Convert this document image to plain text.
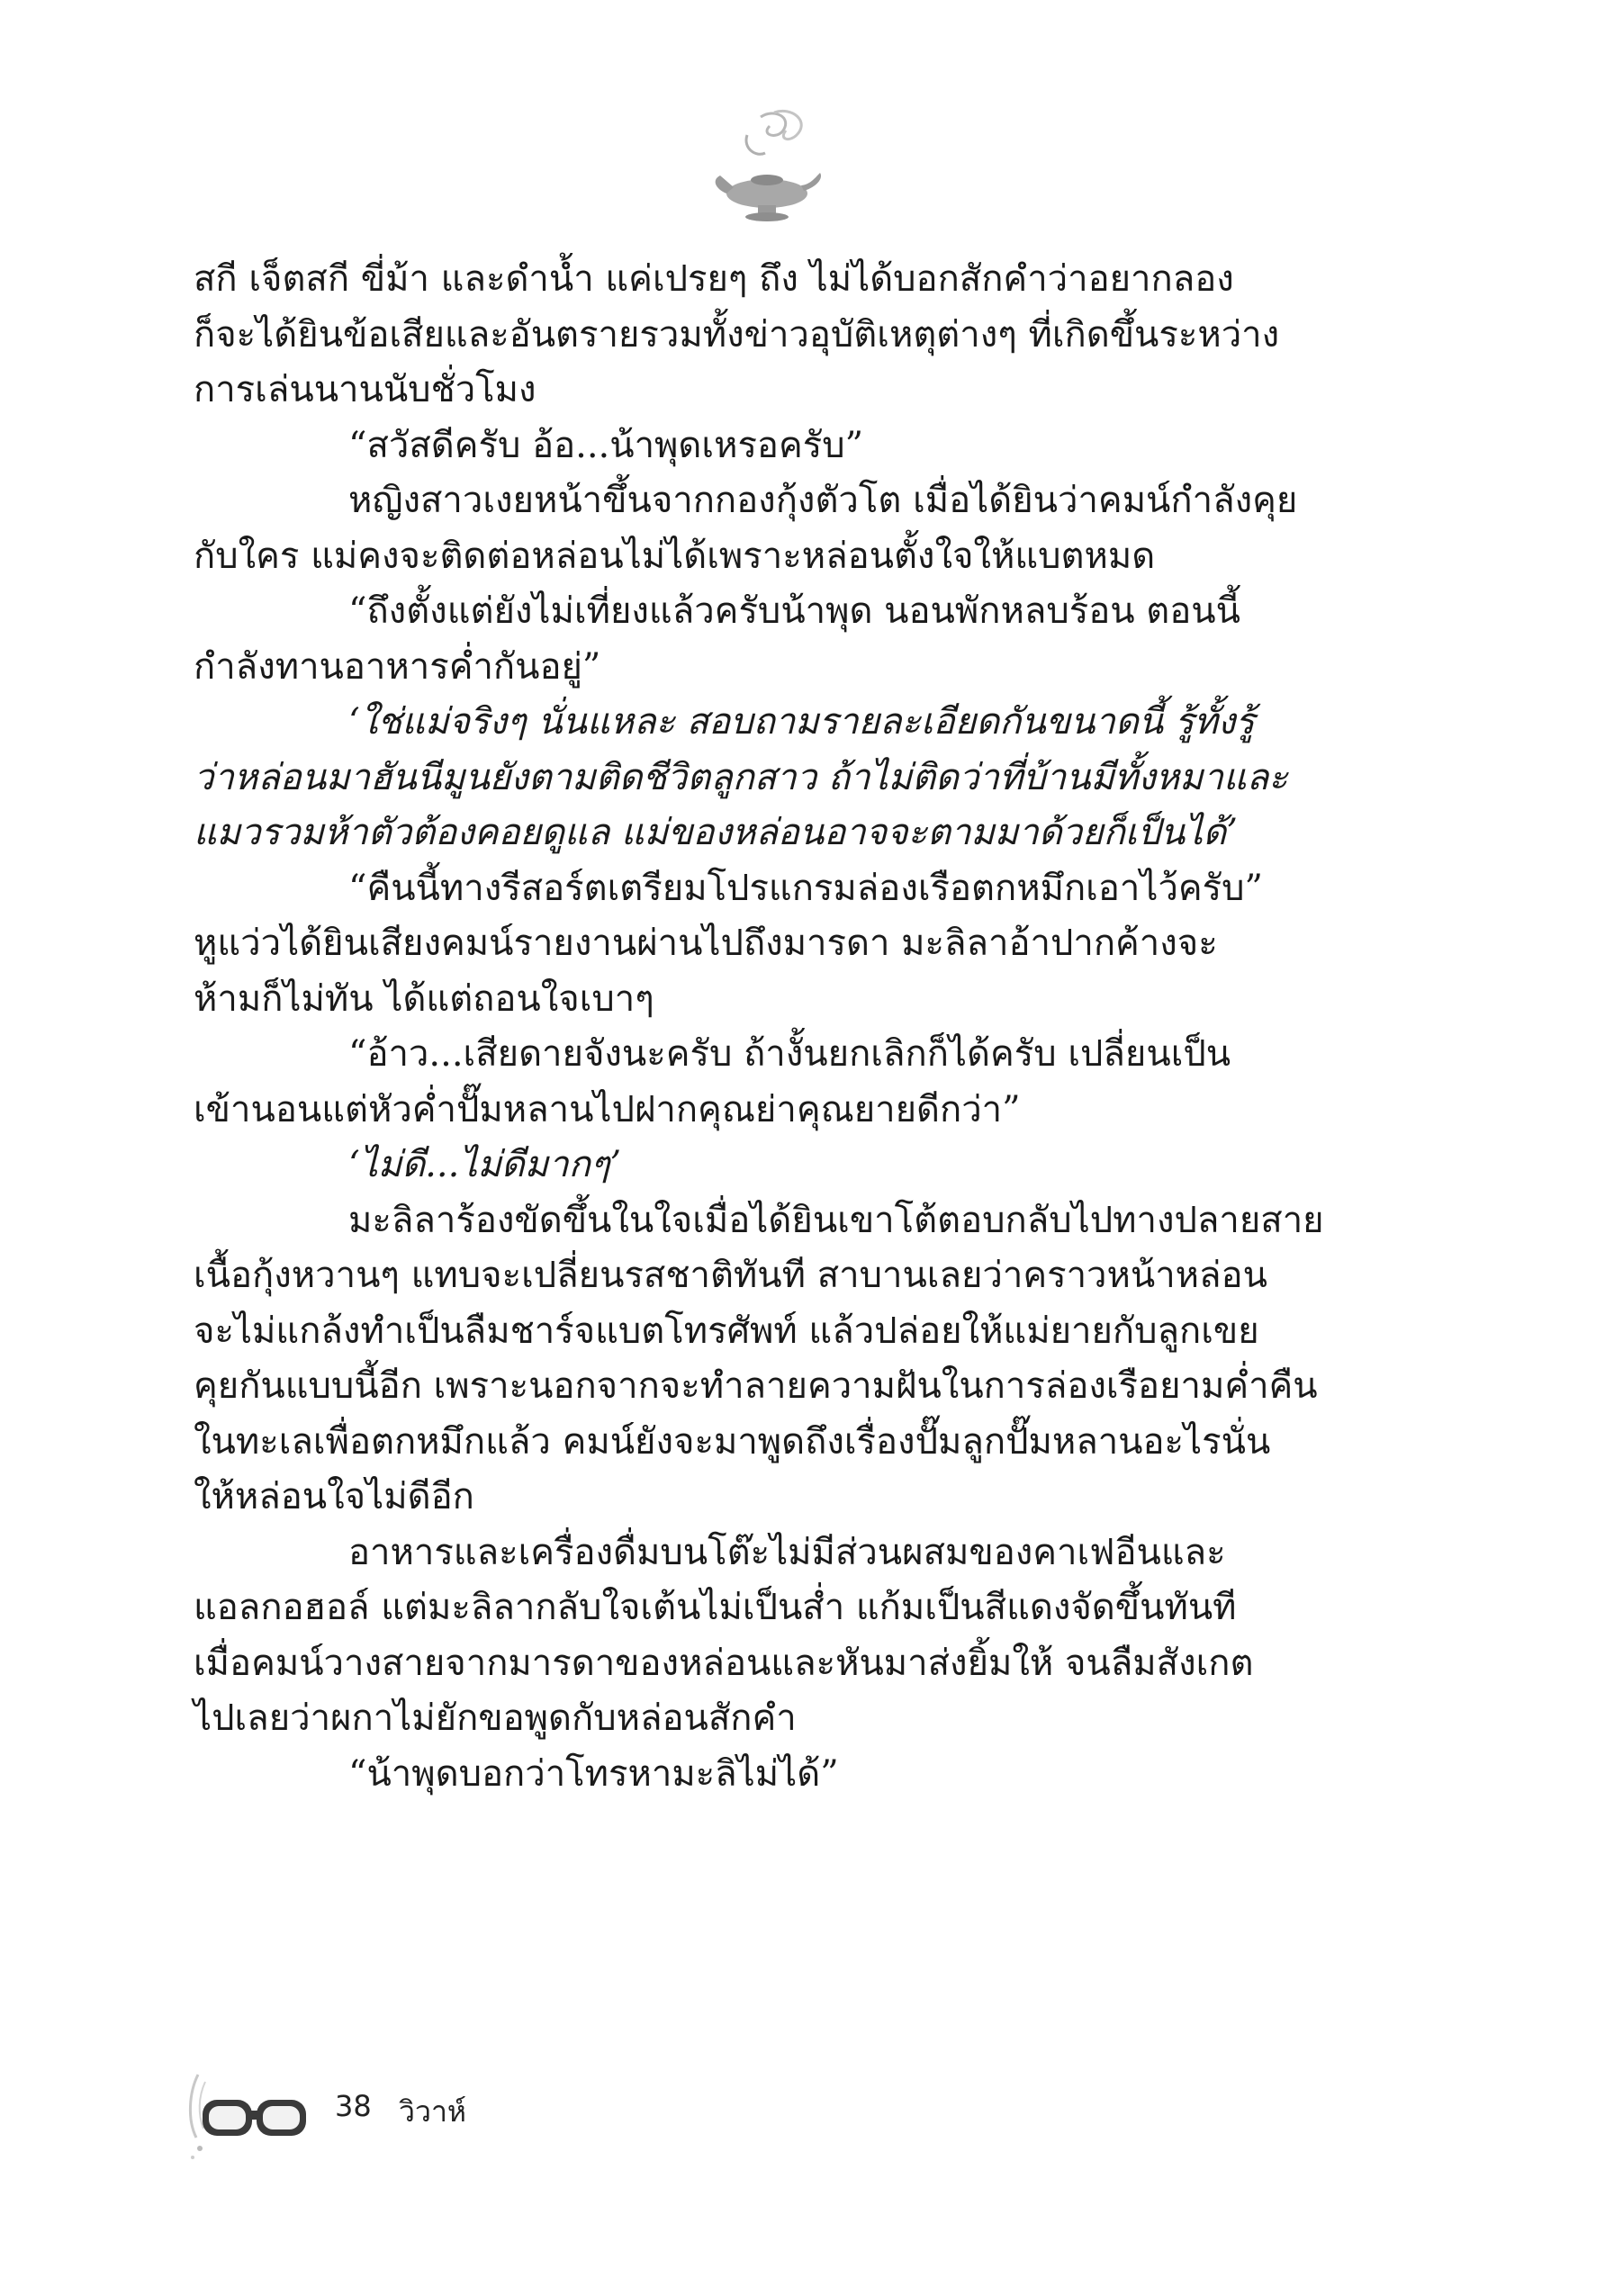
สกี เจ็ตสกี ขี่ม้า และดำน้ำ แค่เปรยๆ ถึง ไม่ได้บอกสักคำว่าอยากลอง
ก็จะได้ยินข้อเสียและอันตรายรวมทั้งข่าวอุบัติเหตุต่างๆ ที่เกิดขึ้นระหว่าง
การเล่นนานนับชั่วโมง
“สวัสดีครับ อ้อ...น้าพุดเหรอครับ”
หญิงสาวเงยหน้าขึ้นจากกองกุ้งตัวโต เมื่อได้ยินว่าคมน์กำลังคุย
กับใคร แม่คงจะติดต่อหล่อนไม่ได้เพราะหล่อนตั้งใจให้แบตหมด
“ถึงตั้งแต่ยังไม่เที่ยงแล้วครับน้าพุด นอนพักหลบร้อน ตอนนี้
กำลังทานอาหารค่ำกันอยู่”
‘ใช่แม่จริงๆ นั่นแหละ สอบถามรายละเอียดกันขนาดนี้ รู้ทั้งรู้
ว่าหล่อนมาฮันนีมูนยังตามติดชีวิตลูกสาว ถ้าไม่ติดว่าที่บ้านมีทั้งหมาและ
แมวรวมห้าตัวต้องคอยดูแล แม่ของหล่อนอาจจะตามมาด้วยก็เป็นได้’
“คืนนี้ทางรีสอร์ตเตรียมโปรแกรมล่องเรือตกหมึกเอาไว้ครับ”
หูแว่วได้ยินเสียงคมน์รายงานผ่านไปถึงมารดา มะลิลาอ้าปากค้างจะ
ห้ามก็ไม่ทัน ได้แต่ถอนใจเบาๆ
“อ้าว...เสียดายจังนะครับ ถ้างั้นยกเลิกก็ได้ครับ เปลี่ยนเป็น
เข้านอนแต่หัวค่ำปั๊มหลานไปฝากคุณย่าคุณยายดีกว่า”
‘ไม่ดี...ไม่ดีมากๆ’
มะลิลาร้องขัดขึ้นในใจเมื่อได้ยินเขาโต้ตอบกลับไปทางปลายสาย
เนื้อกุ้งหวานๆ แทบจะเปลี่ยนรสชาติทันที สาบานเลยว่าคราวหน้าหล่อน
จะไม่แกล้งทำเป็นลืมชาร์จแบตโทรศัพท์ แล้วปล่อยให้แม่ยายกับลูกเขย
คุยกันแบบนี้อีก เพราะนอกจากจะทำลายความฝันในการล่องเรือยามค่ำคืน
ในทะเลเพื่อตกหมึกแล้ว คมน์ยังจะมาพูดถึงเรื่องปั๊มลูกปั๊มหลานอะไรนั่น
ให้หล่อนใจไม่ดีอีก
อาหารและเครื่องดื่มบนโต๊ะไม่มีส่วนผสมของคาเฟอีนและ
แอลกอฮอล์ แต่มะลิลากลับใจเต้นไม่เป็นส่ำ แก้มเป็นสีแดงจัดขึ้นทันที
เมื่อคมน์วางสายจากมารดาของหล่อนและหันมาส่งยิ้มให้ จนลืมสังเกต
ไปเลยว่าผกาไม่ยักขอพูดกับหล่อนสักคำ
“น้าพุดบอกว่าโทรหามะลิไม่ได้”
38 วิวาห์
